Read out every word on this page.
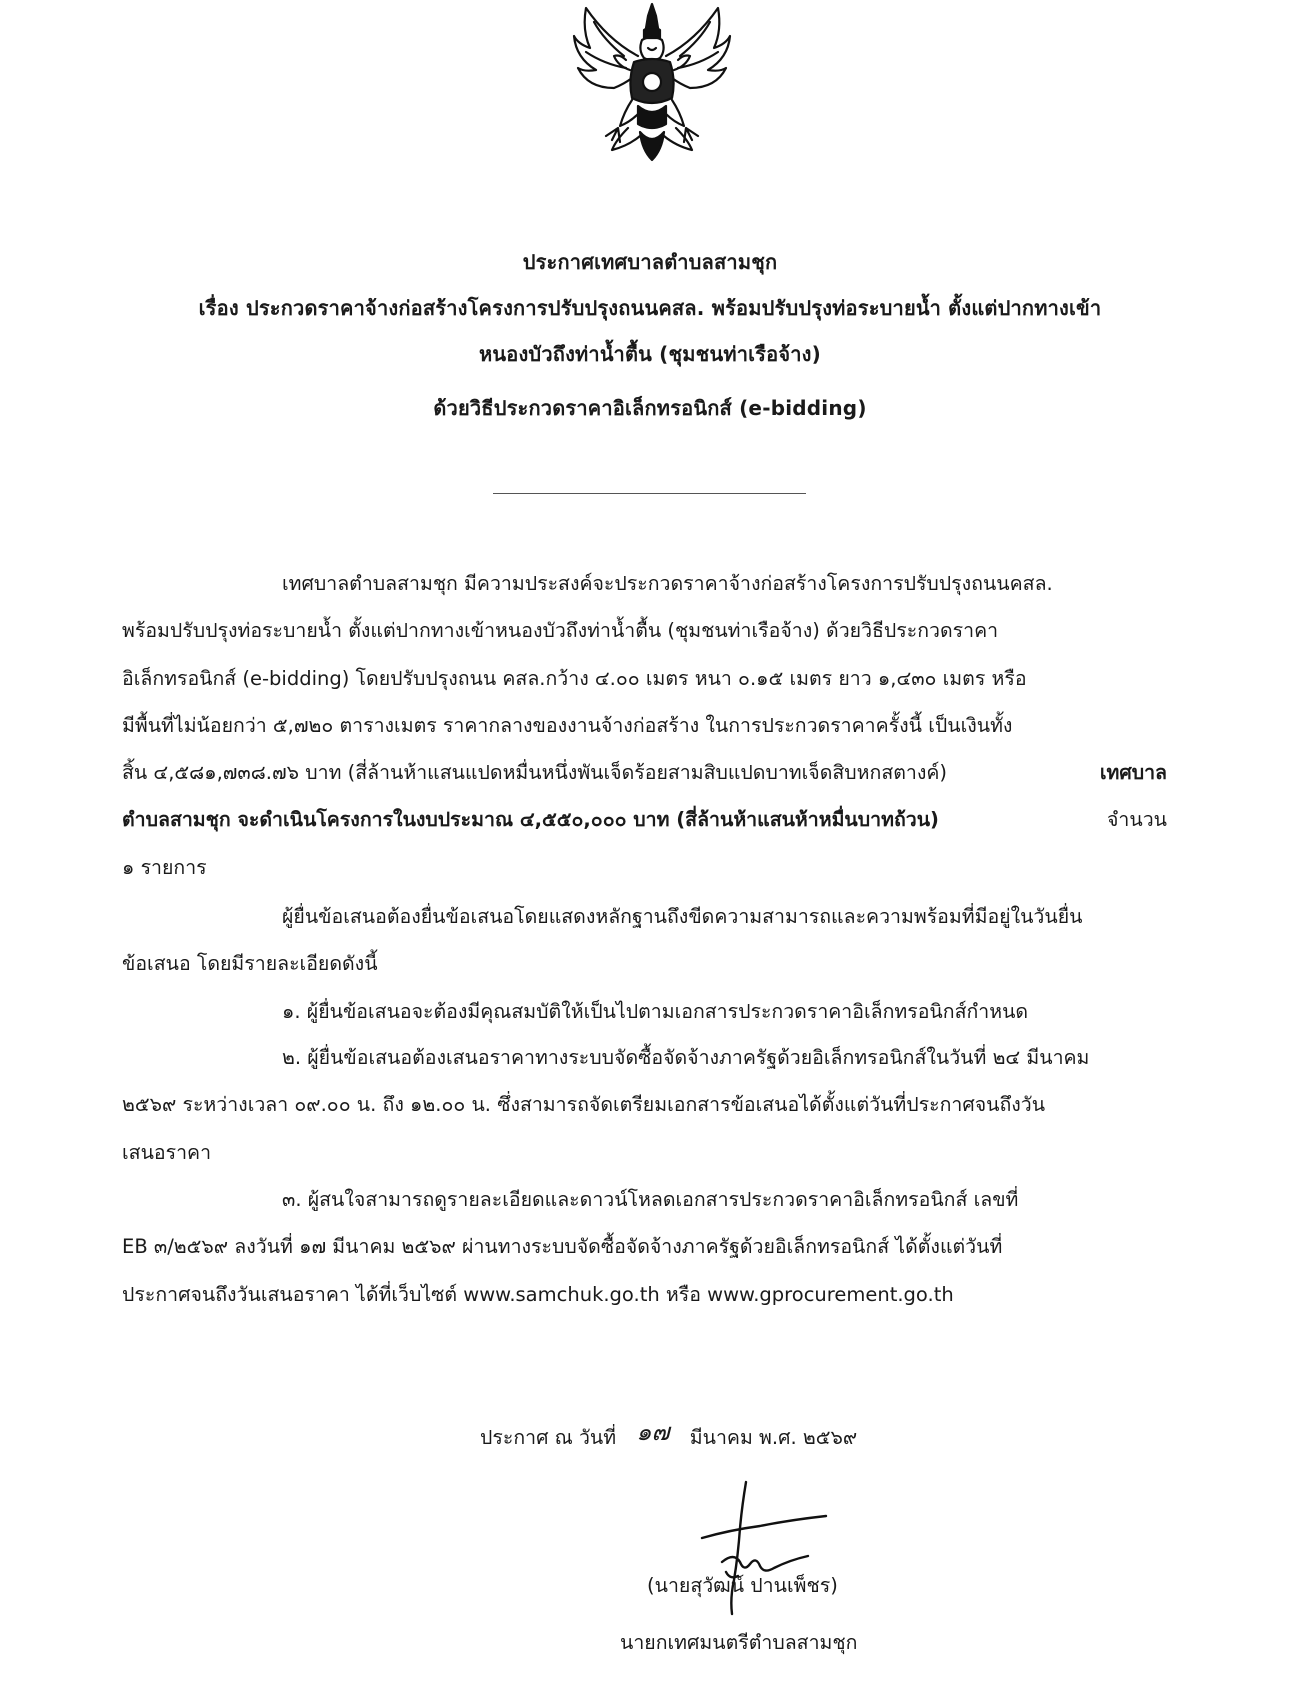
ประกาศเทศบาลตำบลสามชุก
เรื่อง ประกวดราคาจ้างก่อสร้างโครงการปรับปรุงถนนคสล. พร้อมปรับปรุงท่อระบายน้ำ ตั้งแต่ปากทางเข้า
หนองบัวถึงท่าน้ำตื้น (ชุมชนท่าเรือจ้าง)
ด้วยวิธีประกวดราคาอิเล็กทรอนิกส์ (e-bidding)
เทศบาลตำบลสามชุก มีความประสงค์จะประกวดราคาจ้างก่อสร้างโครงการปรับปรุงถนนคสล.
พร้อมปรับปรุงท่อระบายน้ำ ตั้งแต่ปากทางเข้าหนองบัวถึงท่าน้ำตื้น (ชุมชนท่าเรือจ้าง) ด้วยวิธีประกวดราคา
อิเล็กทรอนิกส์ (e-bidding) โดยปรับปรุงถนน คสล.กว้าง ๔.๐๐ เมตร หนา ๐.๑๕ เมตร ยาว ๑,๔๓๐ เมตร หรือ
มีพื้นที่ไม่น้อยกว่า ๕,๗๒๐ ตารางเมตร ราคากลางของงานจ้างก่อสร้าง ในการประกวดราคาครั้งนี้ เป็นเงินทั้ง
สิ้น ๔,๕๘๑,๗๓๘.๗๖ บาท (สี่ล้านห้าแสนแปดหมื่นหนึ่งพันเจ็ดร้อยสามสิบแปดบาทเจ็ดสิบหกสตางค์)	เทศบาล
ตำบลสามชุก จะดำเนินโครงการในงบประมาณ ๔,๕๕๐,๐๐๐ บาท (สี่ล้านห้าแสนห้าหมื่นบาทถ้วน)	จำนวน
๑ รายการ
ผู้ยื่นข้อเสนอต้องยื่นข้อเสนอโดยแสดงหลักฐานถึงขีดความสามารถและความพร้อมที่มีอยู่ในวันยื่น
ข้อเสนอ โดยมีรายละเอียดดังนี้
๑. ผู้ยื่นข้อเสนอจะต้องมีคุณสมบัติให้เป็นไปตามเอกสารประกวดราคาอิเล็กทรอนิกส์กำหนด
๒. ผู้ยื่นข้อเสนอต้องเสนอราคาทางระบบจัดซื้อจัดจ้างภาครัฐด้วยอิเล็กทรอนิกส์ในวันที่ ๒๔ มีนาคม
๒๕๖๙ ระหว่างเวลา ๐๙.๐๐ น. ถึง ๑๒.๐๐ น. ซึ่งสามารถจัดเตรียมเอกสารข้อเสนอได้ตั้งแต่วันที่ประกาศจนถึงวัน
เสนอราคา
๓. ผู้สนใจสามารถดูรายละเอียดและดาวน์โหลดเอกสารประกวดราคาอิเล็กทรอนิกส์ เลขที่
EB ๓/๒๕๖๙ ลงวันที่ ๑๗ มีนาคม ๒๕๖๙ ผ่านทางระบบจัดซื้อจัดจ้างภาครัฐด้วยอิเล็กทรอนิกส์ ได้ตั้งแต่วันที่
ประกาศจนถึงวันเสนอราคา ได้ที่เว็บไซต์ www.samchuk.go.th หรือ www.gprocurement.go.th
ประกาศ ณ วันที่ ๑๗ มีนาคม พ.ศ. ๒๕๖๙
(นายสุวัฒน์ ปานเพ็ชร)
นายกเทศมนตรีตำบลสามชุก
